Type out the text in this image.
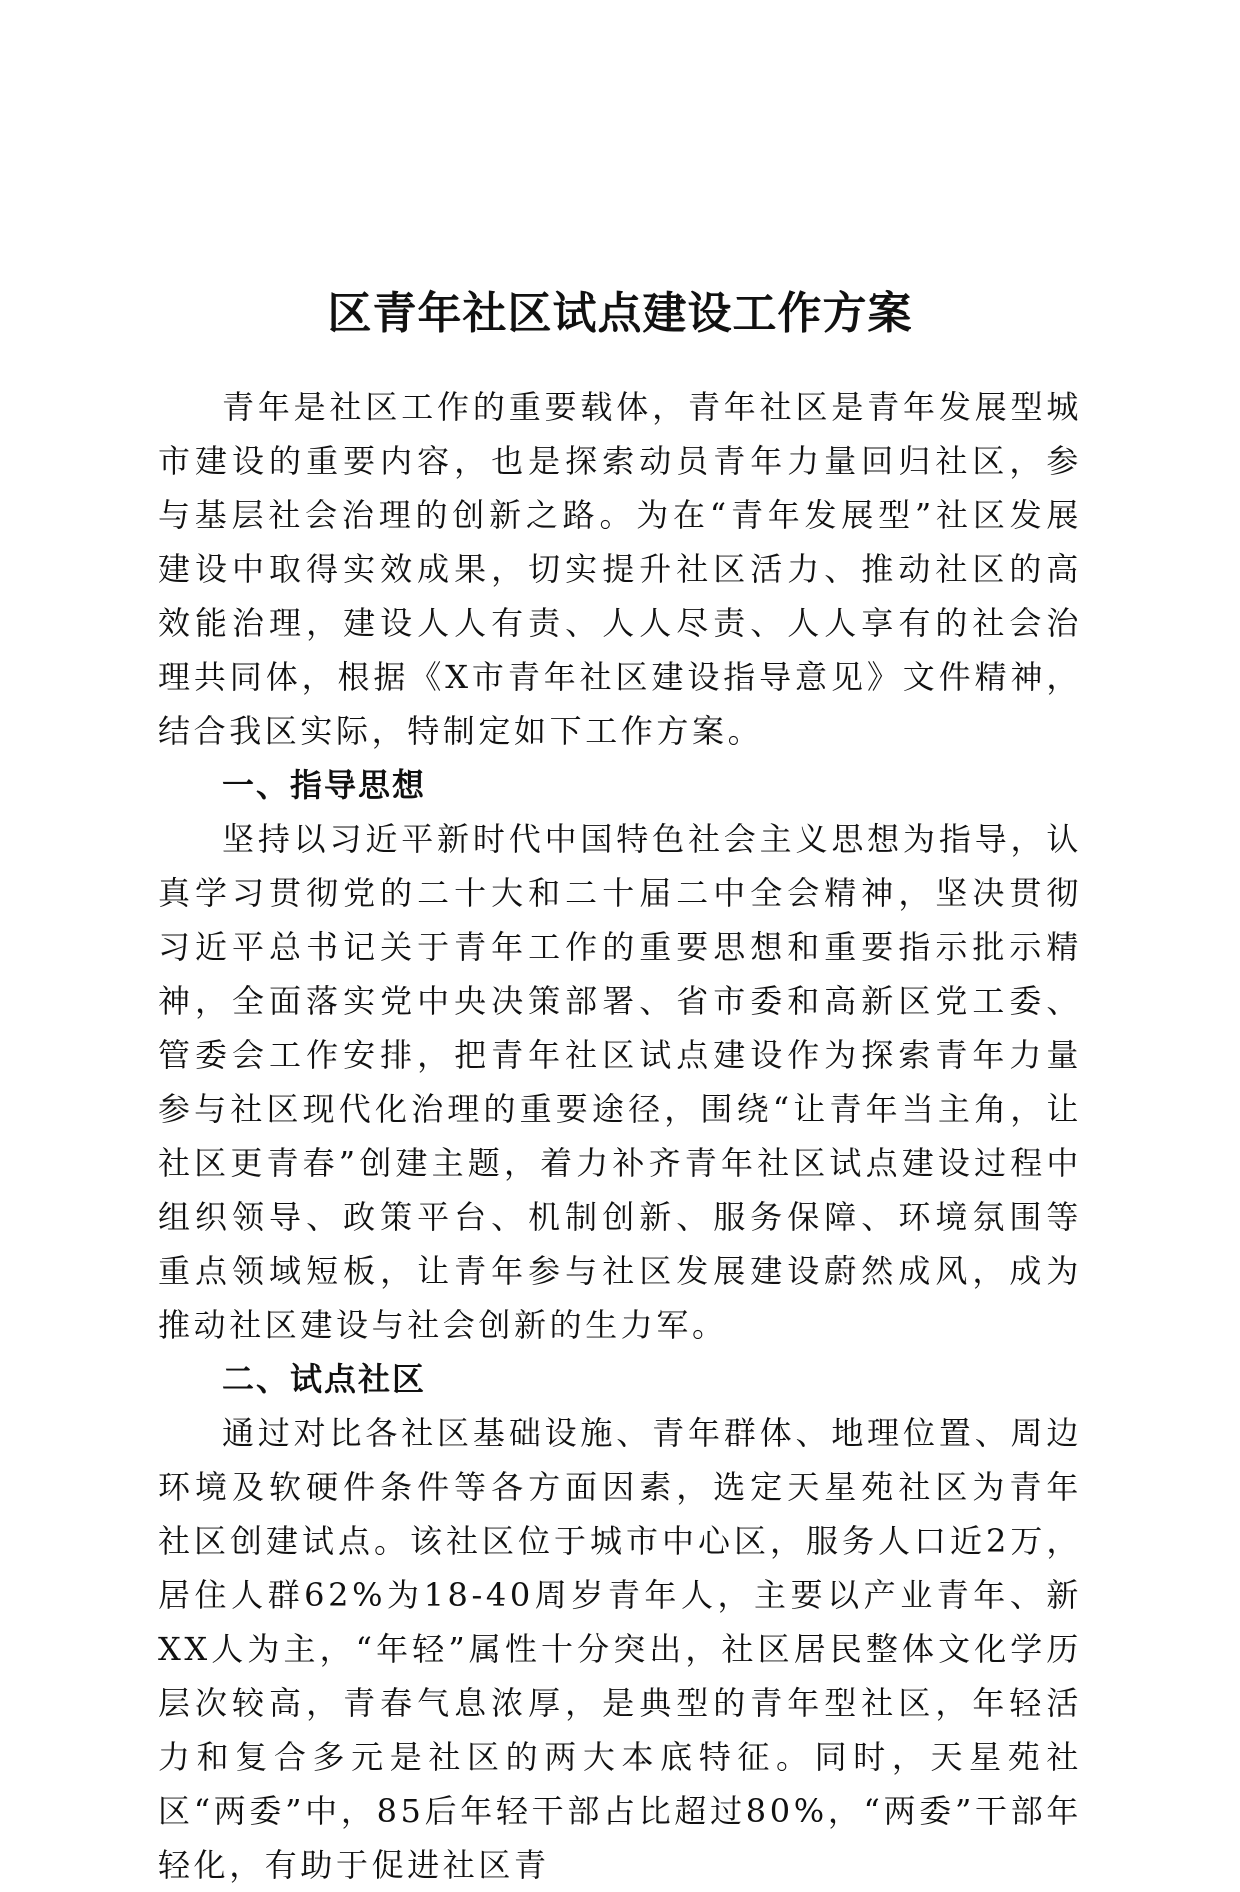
区青年社区试点建设工作方案

青年是社区工作的重要载体，青年社区是青年发展型城市建设的重要内容，也是探索动员青年力量回归社区，参与基层社会治理的创新之路。为在“青年发展型”社区发展建设中取得实效成果，切实提升社区活力、推动社区的高效能治理，建设人人有责、人人尽责、人人享有的社会治理共同体，根据《X市青年社区建设指导意见》文件精神，结合我区实际，特制定如下工作方案。

一、指导思想

坚持以习近平新时代中国特色社会主义思想为指导，认真学习贯彻党的二十大和二十届二中全会精神，坚决贯彻习近平总书记关于青年工作的重要思想和重要指示批示精神，全面落实党中央决策部署、省市委和高新区党工委、管委会工作安排，把青年社区试点建设作为探索青年力量参与社区现代化治理的重要途径，围绕“让青年当主角，让社区更青春”创建主题，着力补齐青年社区试点建设过程中组织领导、政策平台、机制创新、服务保障、环境氛围等重点领域短板，让青年参与社区发展建设蔚然成风，成为推动社区建设与社会创新的生力军。

二、试点社区

通过对比各社区基础设施、青年群体、地理位置、周边环境及软硬件条件等各方面因素，选定天星苑社区为青年社区创建试点。该社区位于城市中心区，服务人口近2万，居住人群62%为18-40周岁青年人，主要以产业青年、新XX人为主，“年轻”属性十分突出，社区居民整体文化学历层次较高，青春气息浓厚，是典型的青年型社区，年轻活力和复合多元是社区的两大本底特征。同时，天星苑社区“两委”中，85后年轻干部占比超过80%，“两委”干部年轻化，有助于促进社区青
